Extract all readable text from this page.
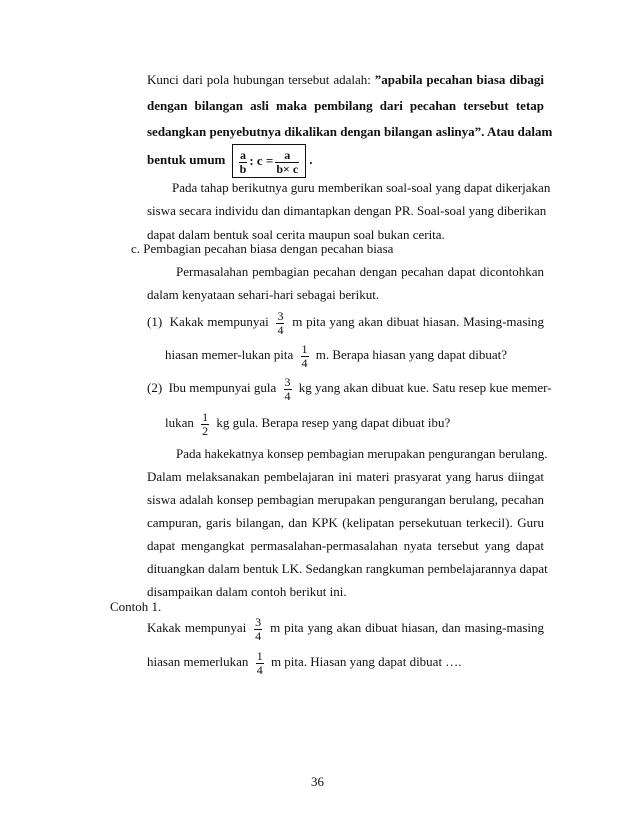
Kunci dari pola hubungan tersebut adalah: ”apabila pecahan biasa dibagi
dengan bilangan asli maka pembilang dari pecahan tersebut tetap
sedangkan penyebutnya dikalikan dengan bilangan aslinya”. Atau dalam
bentuk umum $\frac{a}{b}$ : $c = \frac{a}{b\times c}$ .
Pada tahap berikutnya guru memberikan soal-soal yang dapat dikerjakan
siswa secara individu dan dimantapkan dengan PR. Soal-soal yang diberikan
dapat dalam bentuk soal cerita maupun soal bukan cerita.
c. Pembagian pecahan biasa dengan pecahan biasa
Permasalahan pembagian pecahan dengan pecahan dapat dicontohkan
dalam kenyataan sehari-hari sebagai berikut.
(1) Kakak mempunyai $\frac{3}{4}$ m pita yang akan dibuat hiasan. Masing-masing
hiasan memer-lukan pita $\frac{1}{4} m$. Berapa hiasan yang dapat dibuat?
(2) Ibu mempunyai gula $\frac{3}{4}$ kg yang akan dibuat kue. Satu resep kue memer-
lukan $\frac{1}{2}$ kg gula. Berapa resep yang dapat dibuat ibu?
Pada hakekatnya konsep pembagian merupakan pengurangan berulang.
Dalam melaksanakan pembelajaran ini materi prasyarat yang harus diingat
siswa adalah konsep pembagian merupakan pengurangan berulang, pecahan
campuran, garis bilangan, dan KPK (kelipatan persekutuan terkecil). Guru
dapat mengangkat permasalahan-permasalahan nyata tersebut yang dapat
dituangkan dalam bentuk LK. Sedangkan rangkuman pembelajarannya dapat
disampaikan dalam contoh berikut ini.
Contoh 1.
Kakak mempunyai $\frac{3}{4}$ m pita yang akan dibuat hiasan, dan masing-masing
hiasan memerlukan $\frac{1}{4}$ m pita. Hiasan yang dapat dibuat ….
36
